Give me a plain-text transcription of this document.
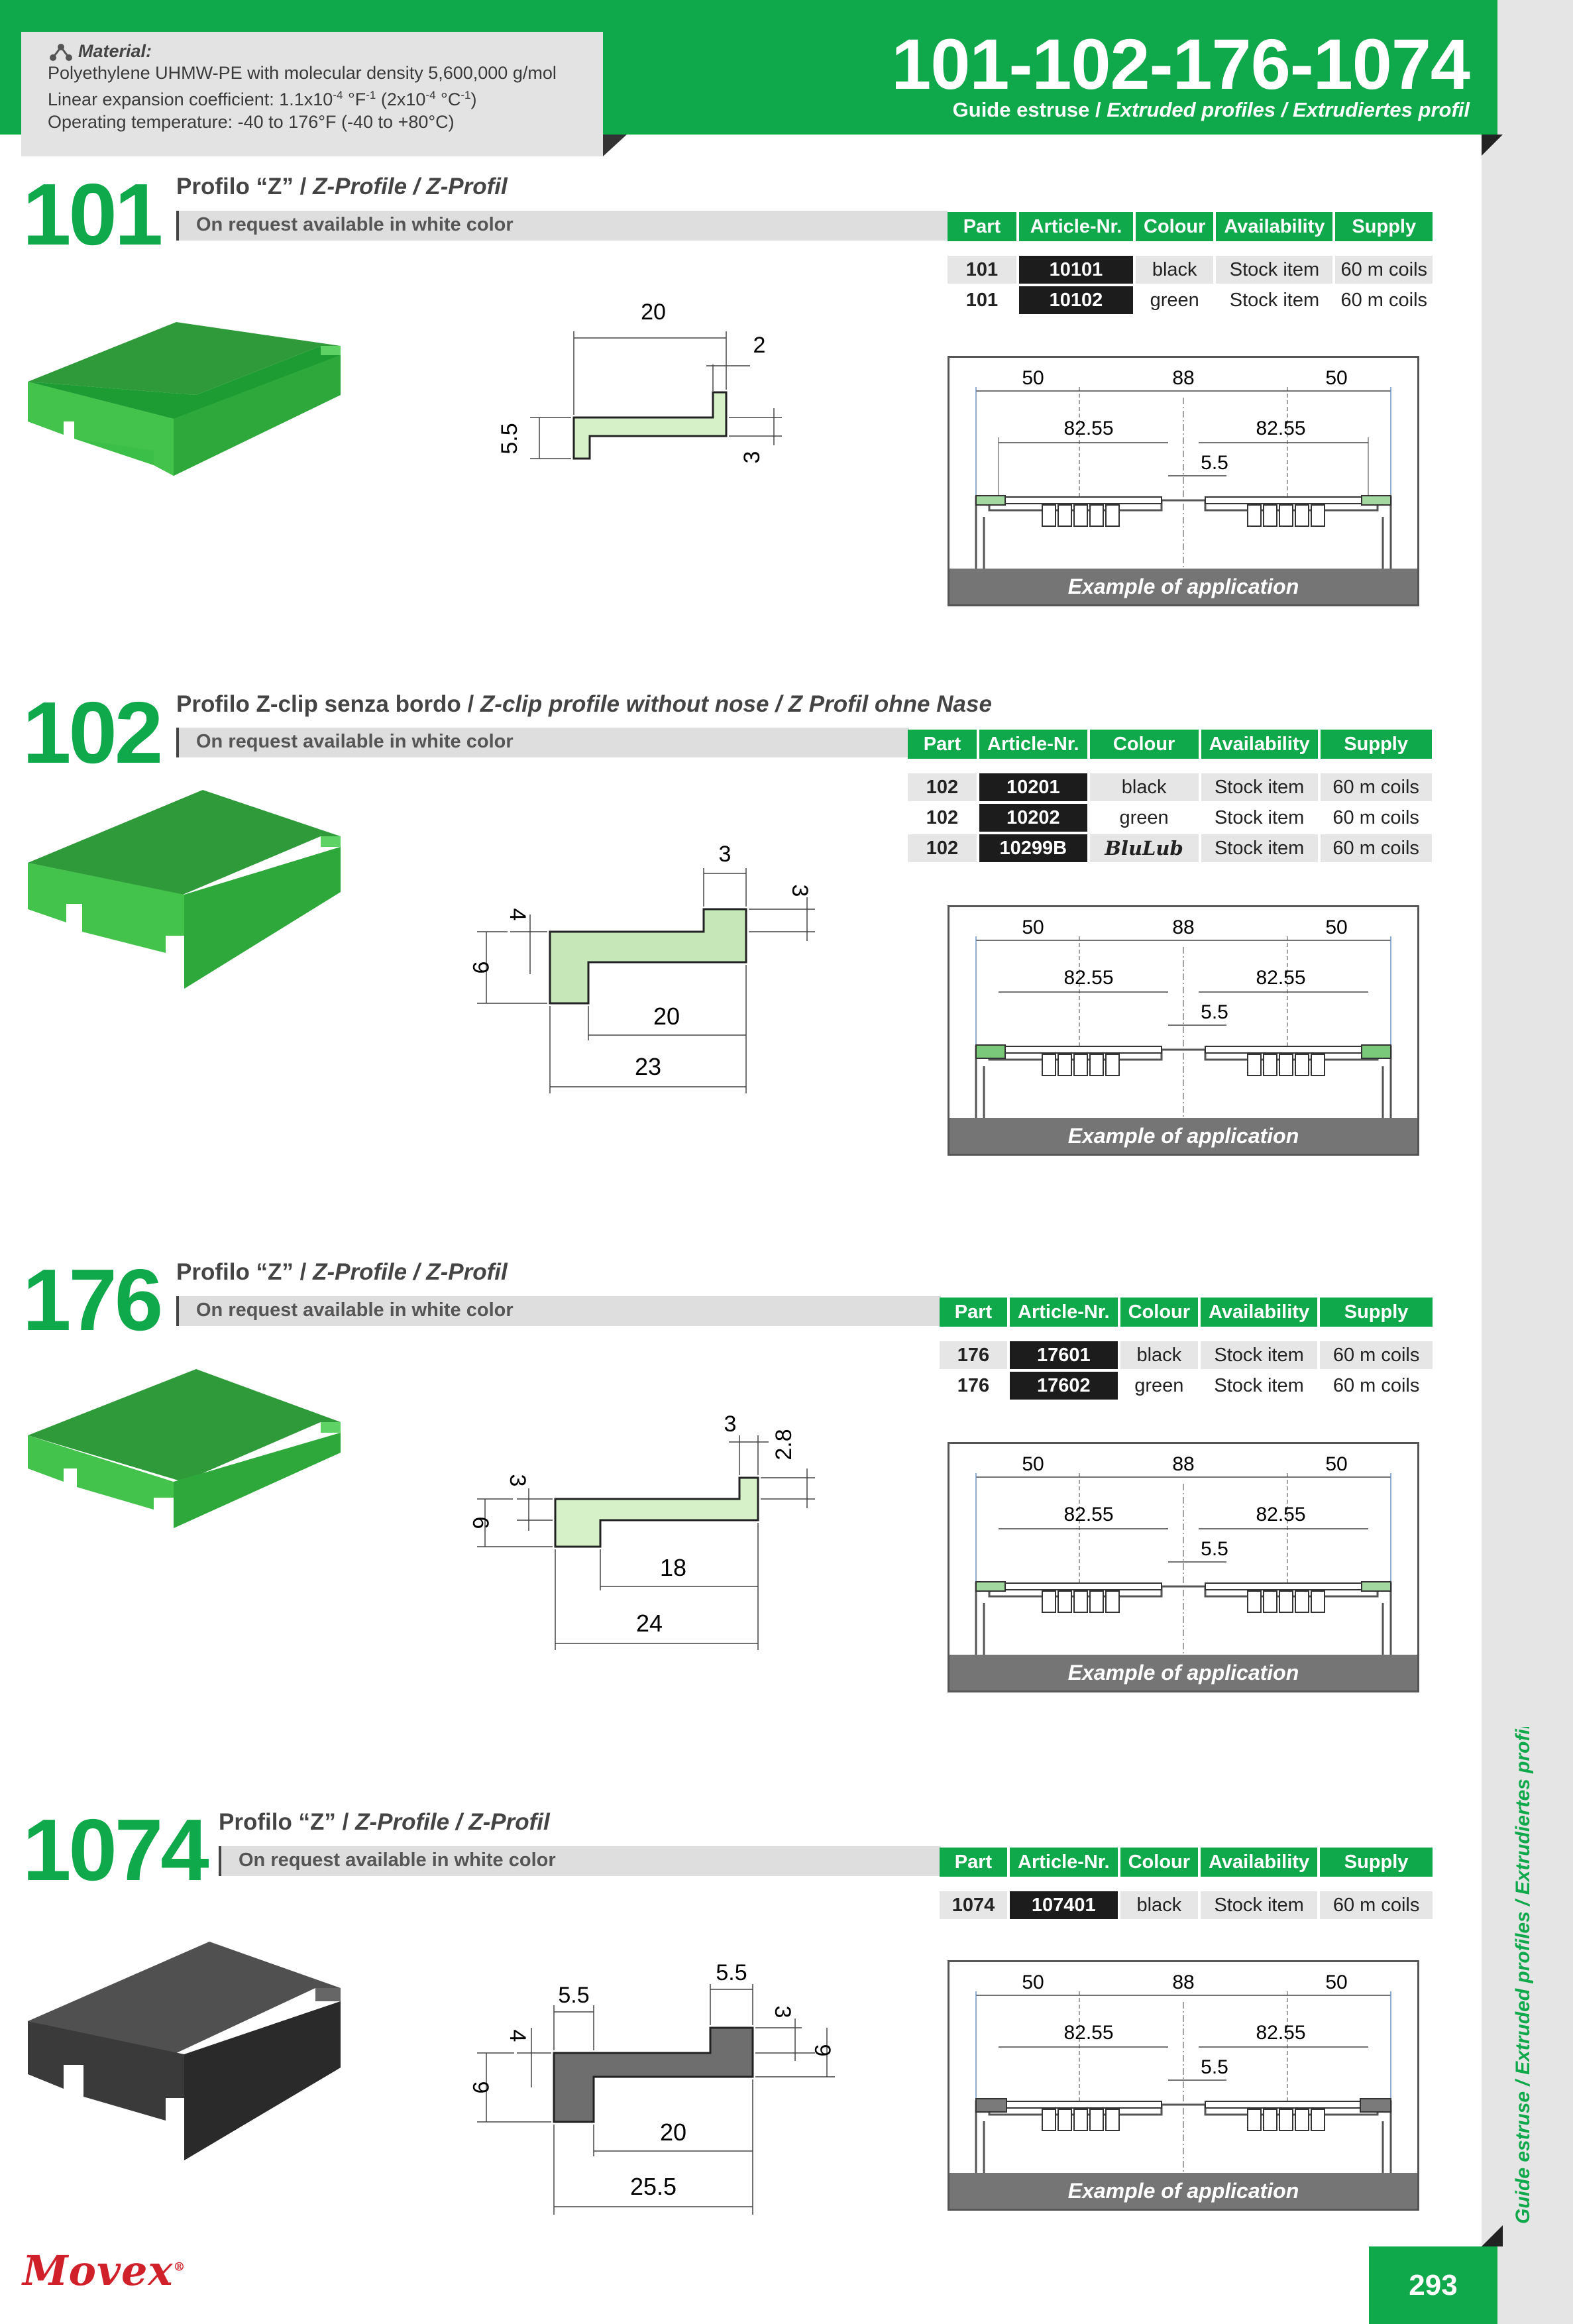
Guide estruse / Extruded profiles / Extrudiertes profil
Material:
Polyethylene UHMW-PE with molecular density 5,600,000 g/mol
Linear expansion coefficient: $1.1x10^{-4}$ $^\circ F^{-1}$ ($2x10^{-4}$ $^\circ C^{-1}$)
Operating temperature: -40 to 176°F (-40 to +80°C)
101-102-176-1074
Guide estruse / Extruded profiles / Extrudiertes profil
101 Profilo “Z” / Z-Profile / Z-Profil
On request available in white color	Part	Article-Nr.	Colour	Availability	Supply

101	10101	black	Stock item	60 m coils
101	10102	green	Stock item	60 m coils
20
2
5.5
3
50	88	50
82.55	82.55
5.5
Example of application
102 Profilo Z-clip senza bordo / Z-clip profile without nose / Z Profil ohne Nase
On request available in white color	Part	Article-Nr.	Colour	Availability	Supply

102	10201	black	Stock item	60 m coils
102	10202	green	Stock item	60 m coils
102	10299B	BluLub	Stock item	60 m coils
3
3
4
9
20
23
50	88	50
82.55	82.55
5.5
Example of application
176 Profilo “Z” / Z-Profile / Z-Profil
On request available in white color	Part	Article-Nr.	Colour	Availability	Supply

176	17601	black	Stock item	60 m coils
176	17602	green	Stock item	60 m coils
3
2.8
3
6
18
24
50	88	50
82.55	82.55
5.5
Example of application
1074 Profilo “Z” / Z-Profile / Z-Profil
On request available in white color	Part	Article-Nr.	Colour	Availability	Supply

1074	107401	black	Stock item	60 m coils
5.5
5.5
3
9
4
9
20
25.5
50	88	50
82.55	82.55
5.5
Example of application
Movex®
293
